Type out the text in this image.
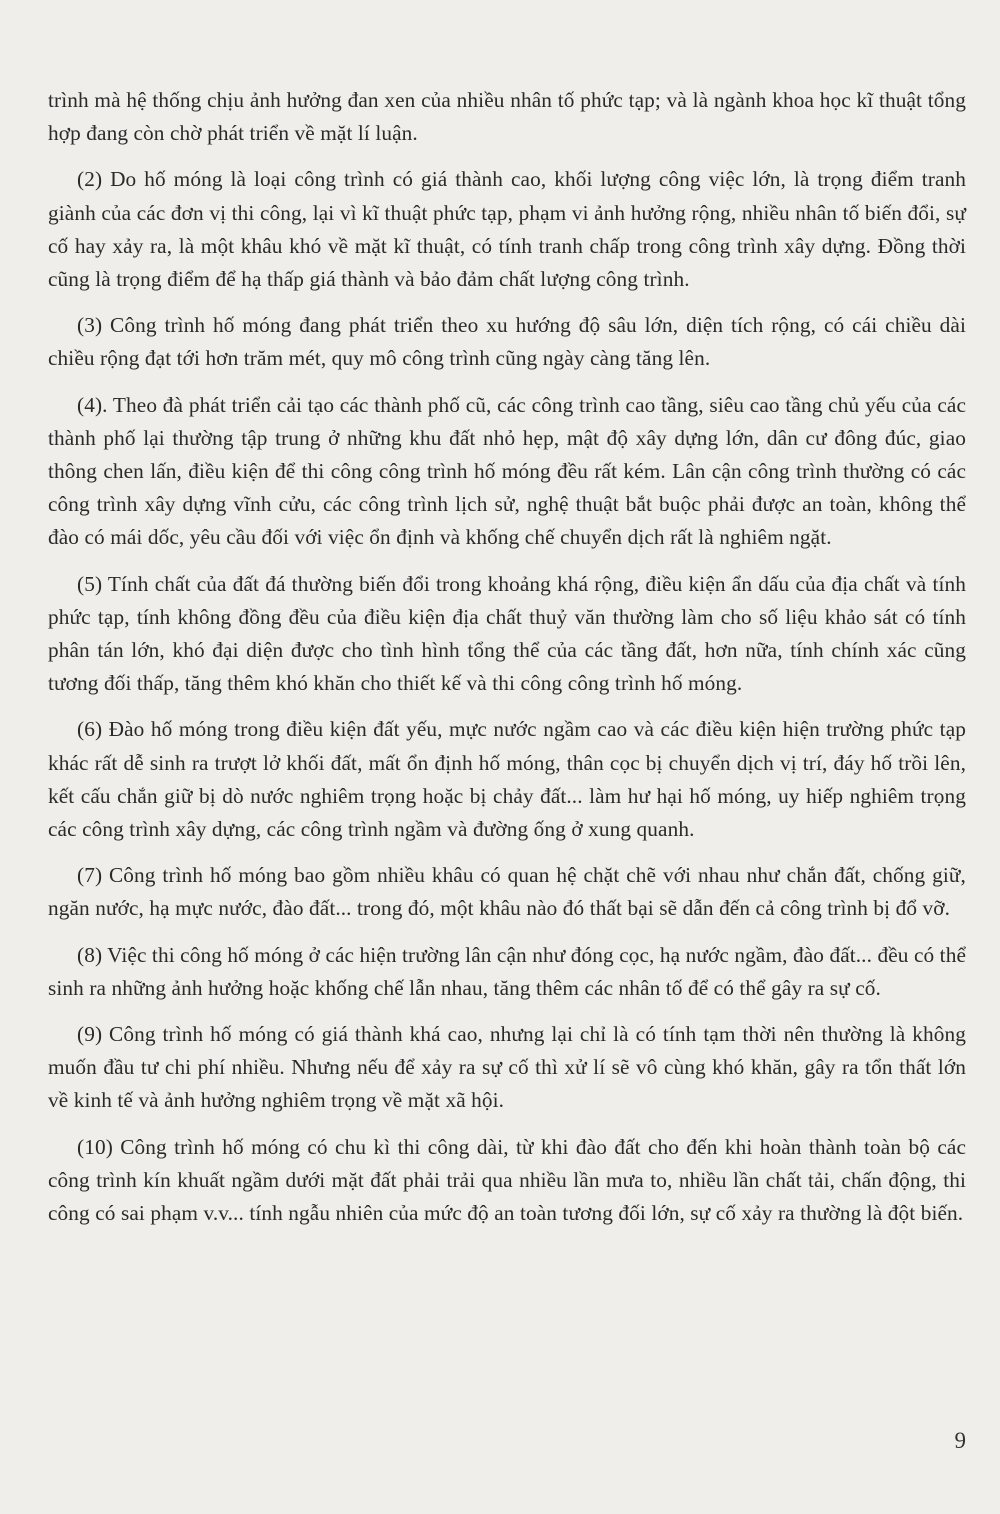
trình mà hệ thống chịu ảnh hưởng đan xen của nhiều nhân tố phức tạp; và là ngành khoa học kĩ thuật tổng hợp đang còn chờ phát triển về mặt lí luận.

(2) Do hố móng là loại công trình có giá thành cao, khối lượng công việc lớn, là trọng điểm tranh giành của các đơn vị thi công, lại vì kĩ thuật phức tạp, phạm vi ảnh hưởng rộng, nhiều nhân tố biến đổi, sự cố hay xảy ra, là một khâu khó về mặt kĩ thuật, có tính tranh chấp trong công trình xây dựng. Đồng thời cũng là trọng điểm để hạ thấp giá thành và bảo đảm chất lượng công trình.

(3) Công trình hố móng đang phát triển theo xu hướng độ sâu lớn, diện tích rộng, có cái chiều dài chiều rộng đạt tới hơn trăm mét, quy mô công trình cũng ngày càng tăng lên.

(4). Theo đà phát triển cải tạo các thành phố cũ, các công trình cao tầng, siêu cao tầng chủ yếu của các thành phố lại thường tập trung ở những khu đất nhỏ hẹp, mật độ xây dựng lớn, dân cư đông đúc, giao thông chen lấn, điều kiện để thi công công trình hố móng đều rất kém. Lân cận công trình thường có các công trình xây dựng vĩnh cửu, các công trình lịch sử, nghệ thuật bắt buộc phải được an toàn, không thể đào có mái dốc, yêu cầu đối với việc ổn định và khống chế chuyển dịch rất là nghiêm ngặt.

(5) Tính chất của đất đá thường biến đổi trong khoảng khá rộng, điều kiện ẩn dấu của địa chất và tính phức tạp, tính không đồng đều của điều kiện địa chất thuỷ văn thường làm cho số liệu khảo sát có tính phân tán lớn, khó đại diện được cho tình hình tổng thể của các tầng đất, hơn nữa, tính chính xác cũng tương đối thấp, tăng thêm khó khăn cho thiết kế và thi công công trình hố móng.

(6) Đào hố móng trong điều kiện đất yếu, mực nước ngầm cao và các điều kiện hiện trường phức tạp khác rất dễ sinh ra trượt lở khối đất, mất ổn định hố móng, thân cọc bị chuyển dịch vị trí, đáy hố trồi lên, kết cấu chắn giữ bị dò nước nghiêm trọng hoặc bị chảy đất... làm hư hại hố móng, uy hiếp nghiêm trọng các công trình xây dựng, các công trình ngầm và đường ống ở xung quanh.

(7) Công trình hố móng bao gồm nhiều khâu có quan hệ chặt chẽ với nhau như chắn đất, chống giữ, ngăn nước, hạ mực nước, đào đất... trong đó, một khâu nào đó thất bại sẽ dẫn đến cả công trình bị đổ vỡ.

(8) Việc thi công hố móng ở các hiện trường lân cận như đóng cọc, hạ nước ngầm, đào đất... đều có thể sinh ra những ảnh hưởng hoặc khống chế lẫn nhau, tăng thêm các nhân tố để có thể gây ra sự cố.

(9) Công trình hố móng có giá thành khá cao, nhưng lại chỉ là có tính tạm thời nên thường là không muốn đầu tư chi phí nhiều. Nhưng nếu để xảy ra sự cố thì xử lí sẽ vô cùng khó khăn, gây ra tổn thất lớn về kinh tế và ảnh hưởng nghiêm trọng về mặt xã hội.

(10) Công trình hố móng có chu kì thi công dài, từ khi đào đất cho đến khi hoàn thành toàn bộ các công trình kín khuất ngầm dưới mặt đất phải trải qua nhiều lần mưa to, nhiều lần chất tải, chấn động, thi công có sai phạm v.v... tính ngẫu nhiên của mức độ an toàn tương đối lớn, sự cố xảy ra thường là đột biến.

9
